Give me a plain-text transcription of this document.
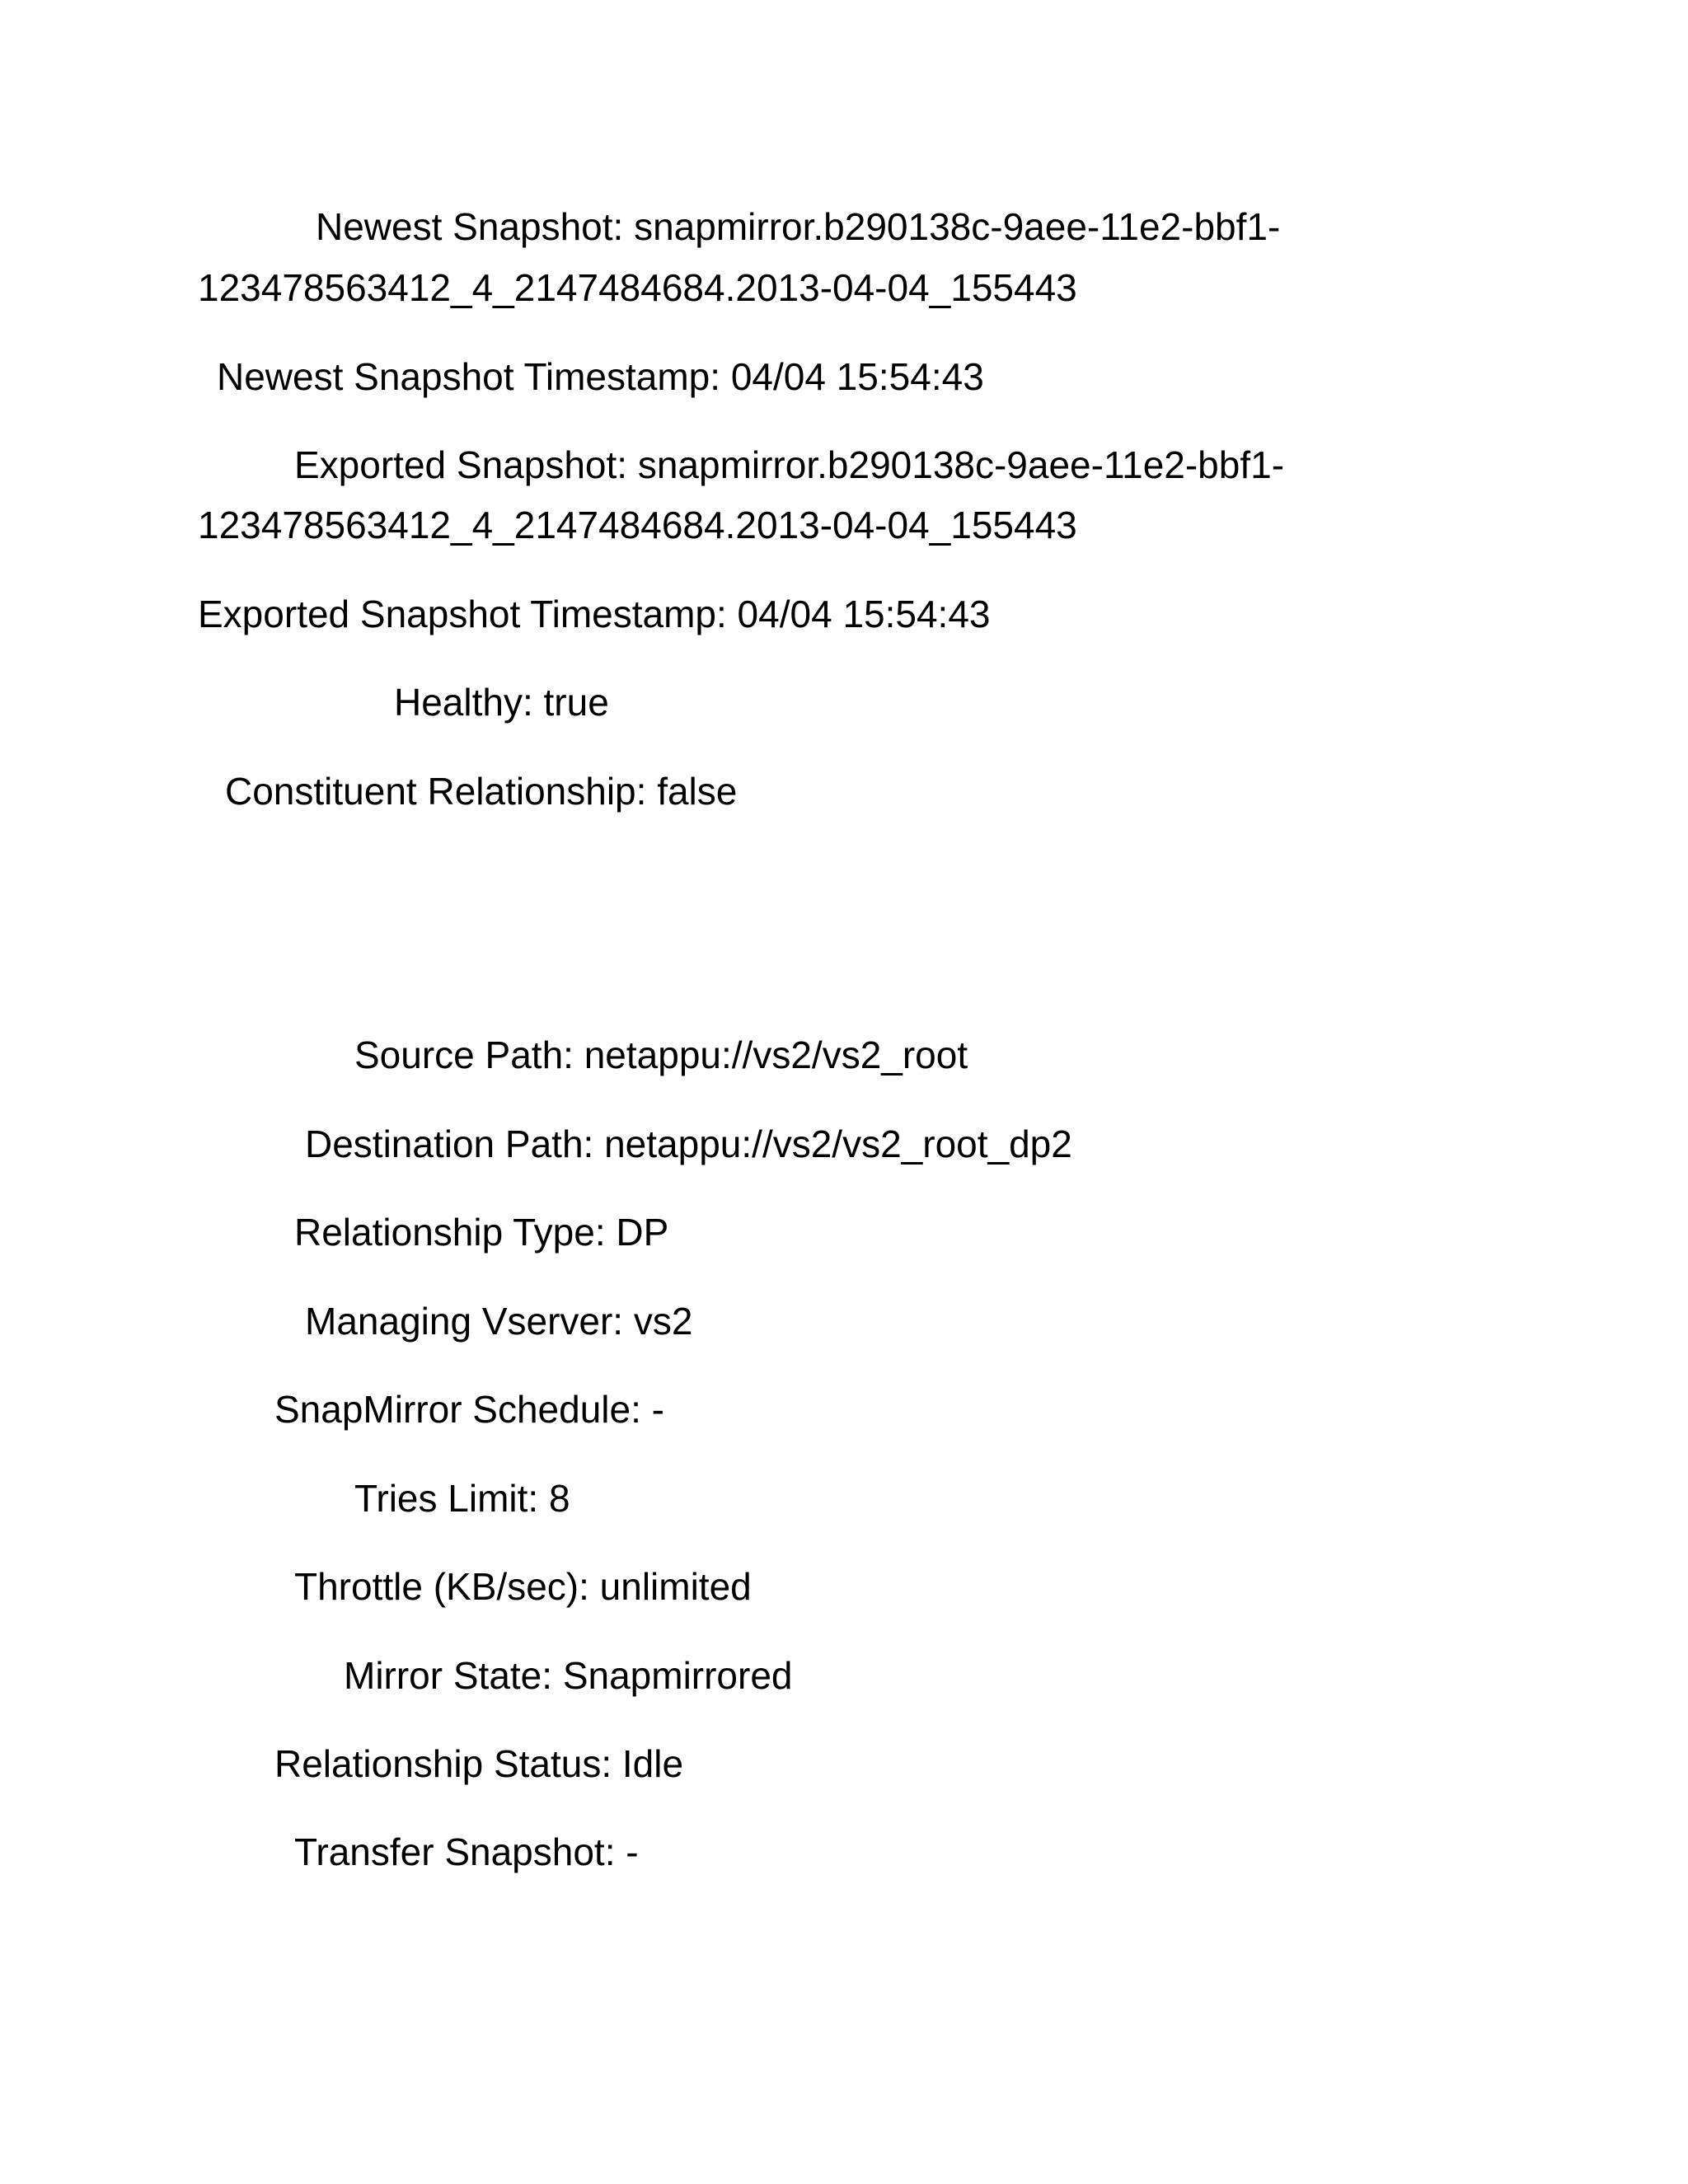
Newest Snapshot: snapmirror.b290138c-9aee-11e2-bbf1-

123478563412_4_2147484684.2013-04-04_155443

Newest Snapshot Timestamp: 04/04 15:54:43

Exported Snapshot: snapmirror.b290138c-9aee-11e2-bbf1-

123478563412_4_2147484684.2013-04-04_155443

Exported Snapshot Timestamp: 04/04 15:54:43

Healthy: true

Constituent Relationship: false

Source Path: netappu://vs2/vs2_root

Destination Path: netappu://vs2/vs2_root_dp2

Relationship Type: DP

Managing Vserver: vs2

SnapMirror Schedule: -

Tries Limit: 8

Throttle (KB/sec): unlimited

Mirror State: Snapmirrored

Relationship Status: Idle

Transfer Snapshot: -
